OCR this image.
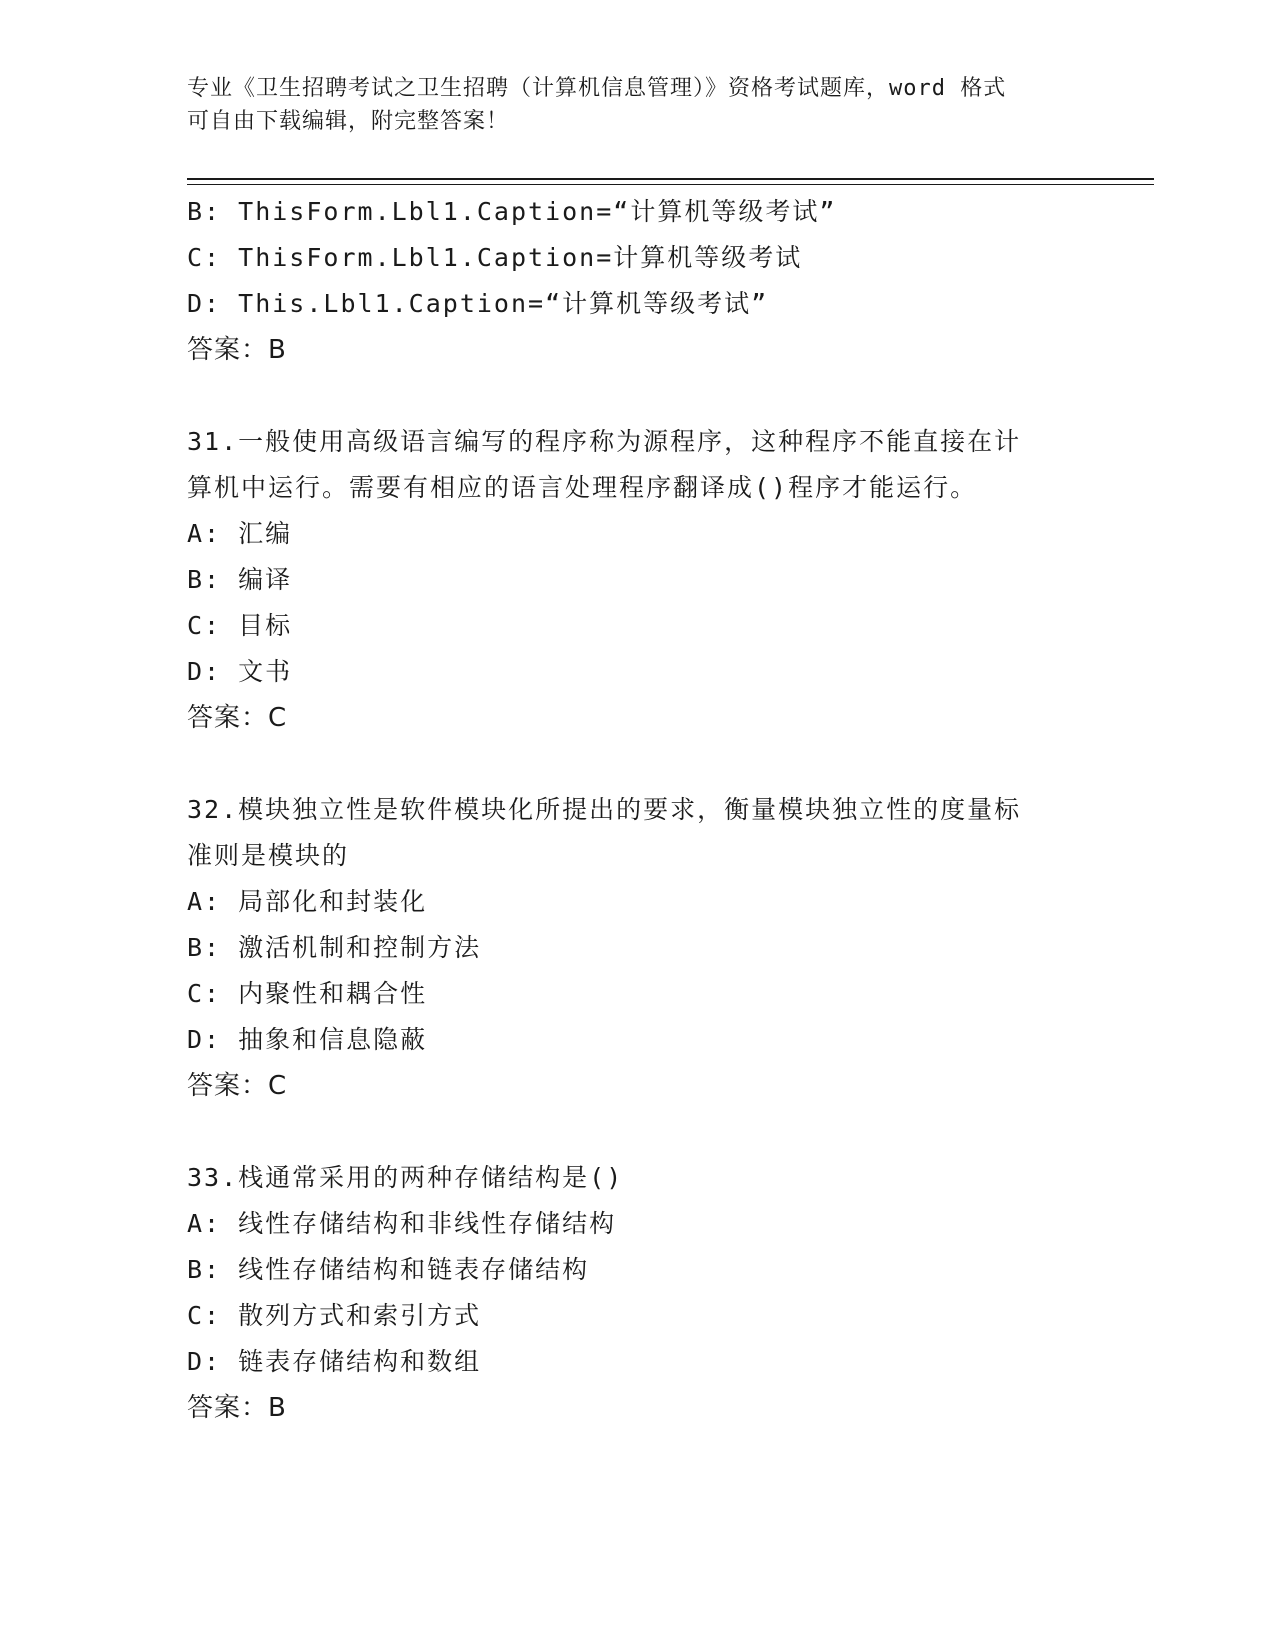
专业《卫生招聘考试之卫生招聘（计算机信息管理）》资格考试题库，word 格式
可自由下载编辑，附完整答案！
B: ThisForm.Lbl1.Caption=“计算机等级考试”
C: ThisForm.Lbl1.Caption=计算机等级考试
D: This.Lbl1.Caption=“计算机等级考试”
答案：B
31.一般使用高级语言编写的程序称为源程序，这种程序不能直接在计
算机中运行。需要有相应的语言处理程序翻译成()程序才能运行。
A: 汇编
B: 编译
C: 目标
D: 文书
答案：C
32.模块独立性是软件模块化所提出的要求，衡量模块独立性的度量标
准则是模块的
A: 局部化和封装化
B: 激活机制和控制方法
C: 内聚性和耦合性
D: 抽象和信息隐蔽
答案：C
33.栈通常采用的两种存储结构是()
A: 线性存储结构和非线性存储结构
B: 线性存储结构和链表存储结构
C: 散列方式和索引方式
D: 链表存储结构和数组
答案：B
